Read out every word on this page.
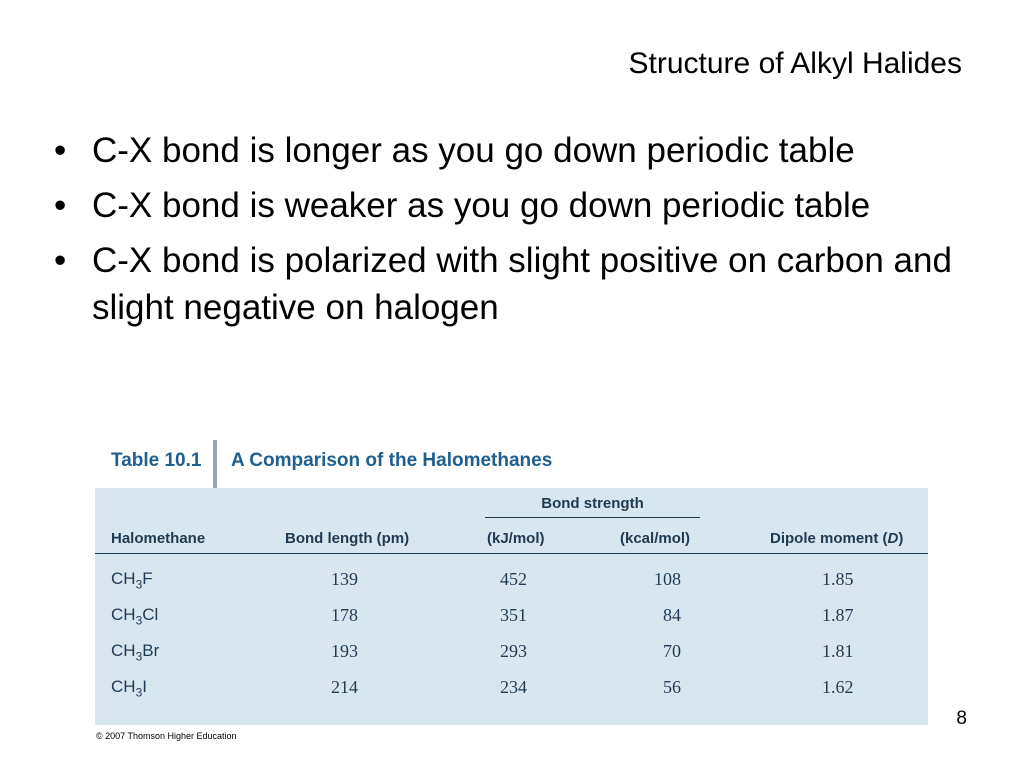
Structure of Alkyl Halides
• C-X bond is longer as you go down periodic table
• C-X bond is weaker as you go down periodic table
• C-X bond is polarized with slight positive on carbon and slight negative on halogen
Table 10.1 A Comparison of the Halomethanes
Bond strength
Halomethane	Bond length (pm)	(kJ/mol)	(kcal/mol)	Dipole moment (D)
$CH_3F$	139	452	108	1.85
$CH_3Cl$	178	351	84	1.87
$CH_3Br$	193	293	70	1.81
$CH_3I$	214	234	56	1.62
© 2007 Thomson Higher Education
8
